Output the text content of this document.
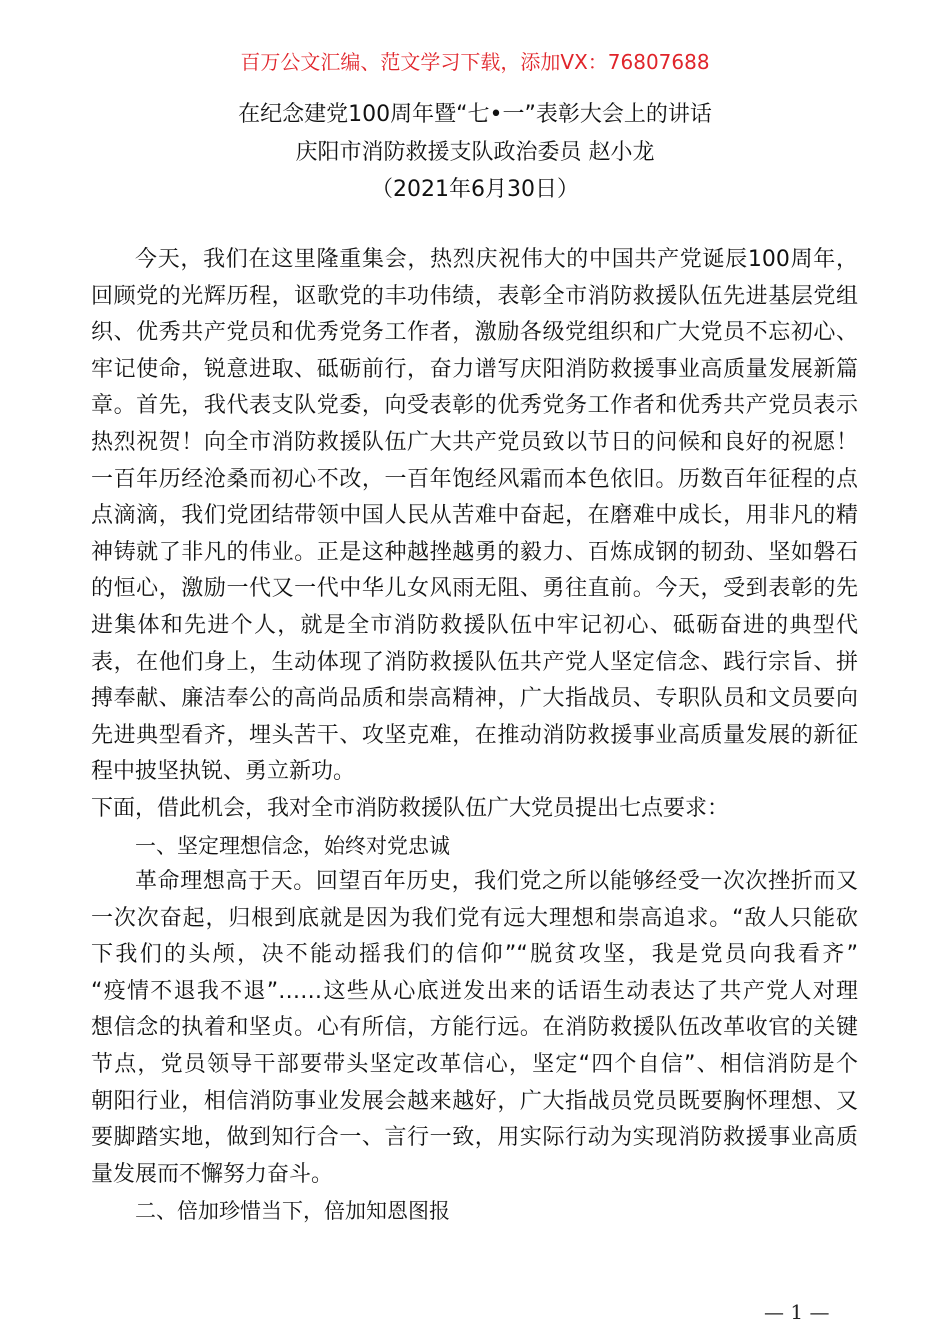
百万公文汇编、范文学习下载，添加VX：76807688
在纪念建党100周年暨“七•一”表彰大会上的讲话
庆阳市消防救援支队政治委员 赵小龙
（2021年6月30日）
今天，我们在这里隆重集会，热烈庆祝伟大的中国共产党诞辰100周年，
回顾党的光辉历程，讴歌党的丰功伟绩，表彰全市消防救援队伍先进基层党组
织、优秀共产党员和优秀党务工作者，激励各级党组织和广大党员不忘初心、
牢记使命，锐意进取、砥砺前行，奋力谱写庆阳消防救援事业高质量发展新篇
章。首先，我代表支队党委，向受表彰的优秀党务工作者和优秀共产党员表示
热烈祝贺！向全市消防救援队伍广大共产党员致以节日的问候和良好的祝愿！
一百年历经沧桑而初心不改，一百年饱经风霜而本色依旧。历数百年征程的点
点滴滴，我们党团结带领中国人民从苦难中奋起，在磨难中成长，用非凡的精
神铸就了非凡的伟业。正是这种越挫越勇的毅力、百炼成钢的韧劲、坚如磐石
的恒心，激励一代又一代中华儿女风雨无阻、勇往直前。今天，受到表彰的先
进集体和先进个人，就是全市消防救援队伍中牢记初心、砥砺奋进的典型代
表，在他们身上，生动体现了消防救援队伍共产党人坚定信念、践行宗旨、拼
搏奉献、廉洁奉公的高尚品质和崇高精神，广大指战员、专职队员和文员要向
先进典型看齐，埋头苦干、攻坚克难，在推动消防救援事业高质量发展的新征
程中披坚执锐、勇立新功。
下面，借此机会，我对全市消防救援队伍广大党员提出七点要求：
一、坚定理想信念，始终对党忠诚
革命理想高于天。回望百年历史，我们党之所以能够经受一次次挫折而又
一次次奋起，归根到底就是因为我们党有远大理想和崇高追求。“敌人只能砍
下我们的头颅，决不能动摇我们的信仰”“脱贫攻坚，我是党员向我看齐”
“疫情不退我不退”……这些从心底迸发出来的话语生动表达了共产党人对理
想信念的执着和坚贞。心有所信，方能行远。在消防救援队伍改革收官的关键
节点，党员领导干部要带头坚定改革信心，坚定“四个自信”、相信消防是个
朝阳行业，相信消防事业发展会越来越好，广大指战员党员既要胸怀理想、又
要脚踏实地，做到知行合一、言行一致，用实际行动为实现消防救援事业高质
量发展而不懈努力奋斗。
二、倍加珍惜当下，倍加知恩图报
— 1 —
